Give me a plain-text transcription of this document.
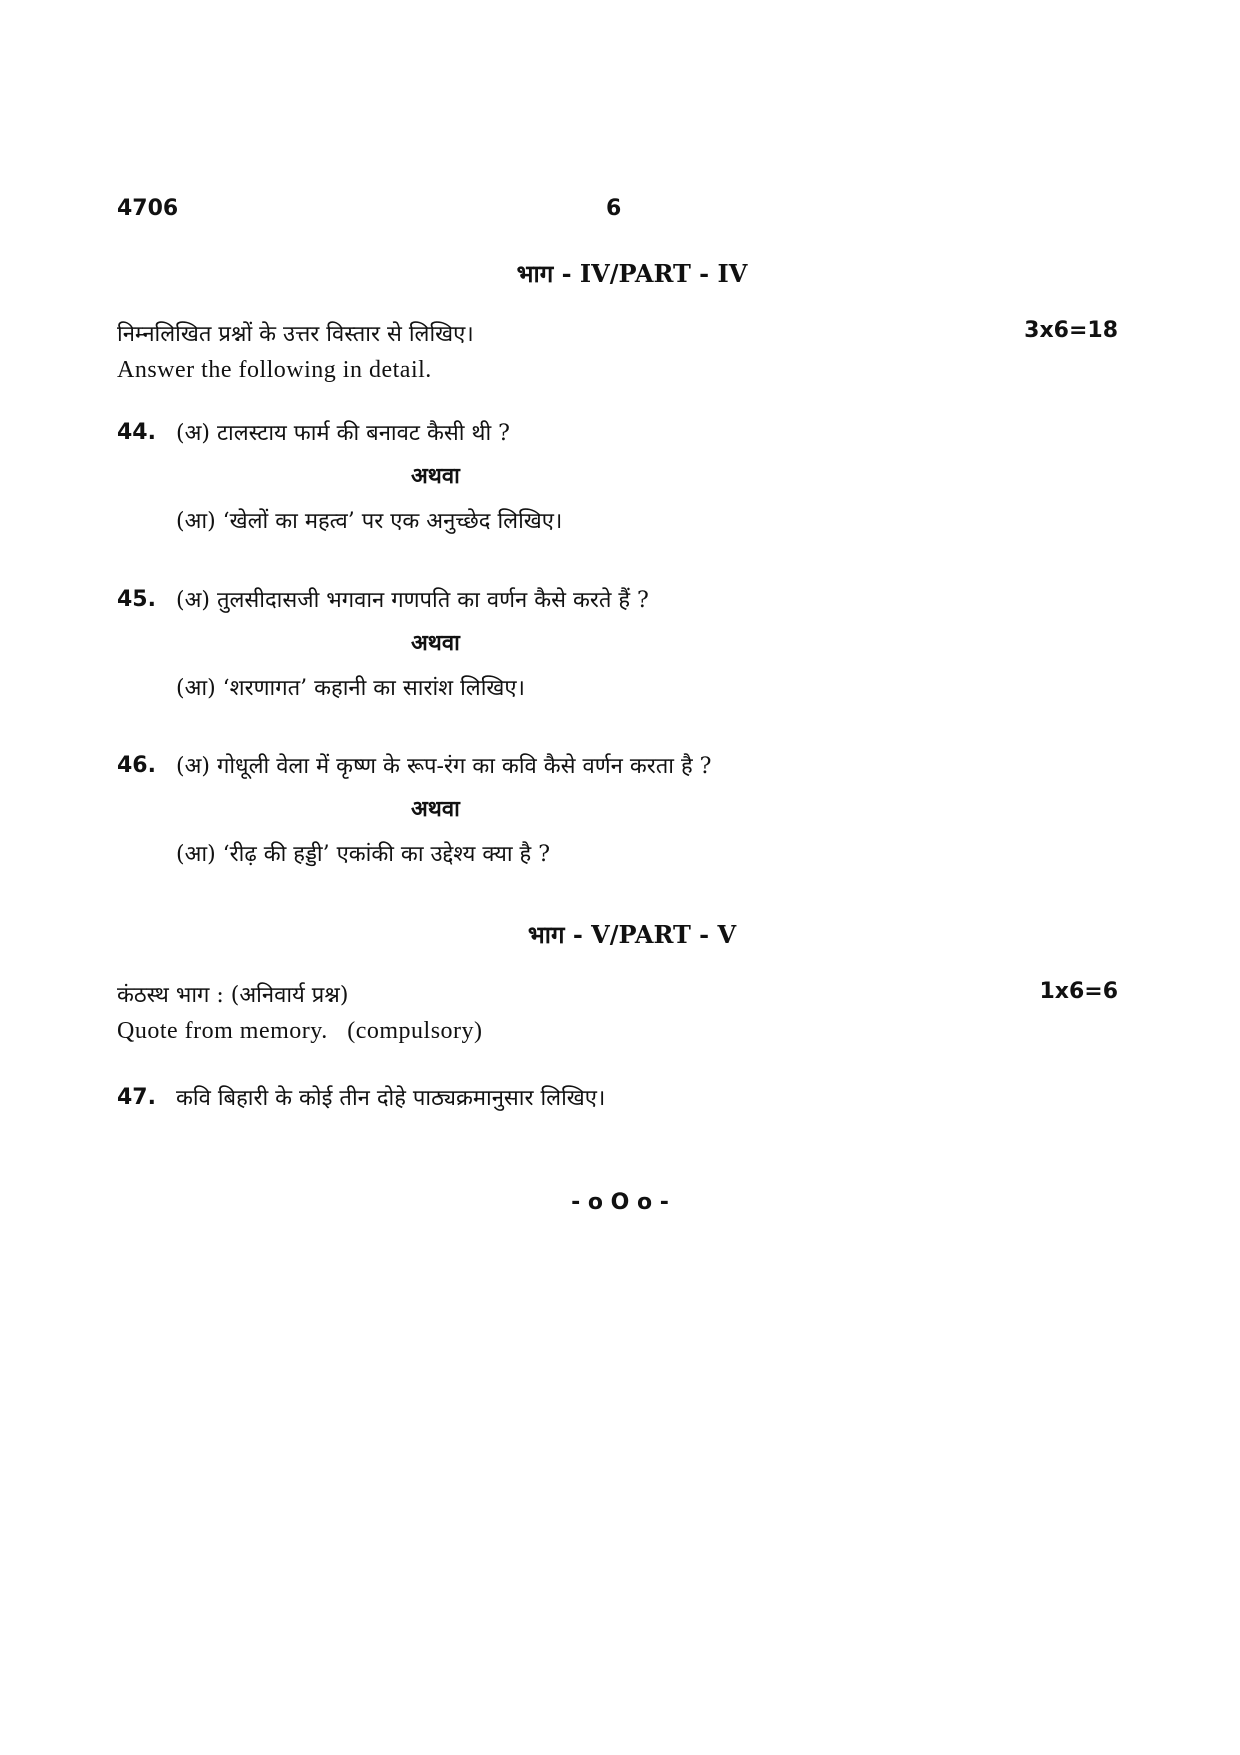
4706	6
भाग - IV/PART - IV
निम्नलिखित प्रश्नों के उत्तर विस्तार से लिखिए।	3x6=18
Answer the following in detail.
44. (अ) टालस्टाय फार्म की बनावट कैसी थी ?
अथवा
(आ) ‘खेलों का महत्व’ पर एक अनुच्छेद लिखिए।
45. (अ) तुलसीदासजी भगवान गणपति का वर्णन कैसे करते हैं ?
अथवा
(आ) ‘शरणागत’ कहानी का सारांश लिखिए।
46. (अ) गोधूली वेला में कृष्ण के रूप-रंग का कवि कैसे वर्णन करता है ?
अथवा
(आ) ‘रीढ़ की हड्डी’ एकांकी का उद्देश्य क्या है ?
भाग - V/PART - V
कंठस्थ भाग : (अनिवार्य प्रश्न)	1x6=6
Quote from memory.   (compulsory)
47. कवि बिहारी के कोई तीन दोहे पाठ्यक्रमानुसार लिखिए।
- o O o -
